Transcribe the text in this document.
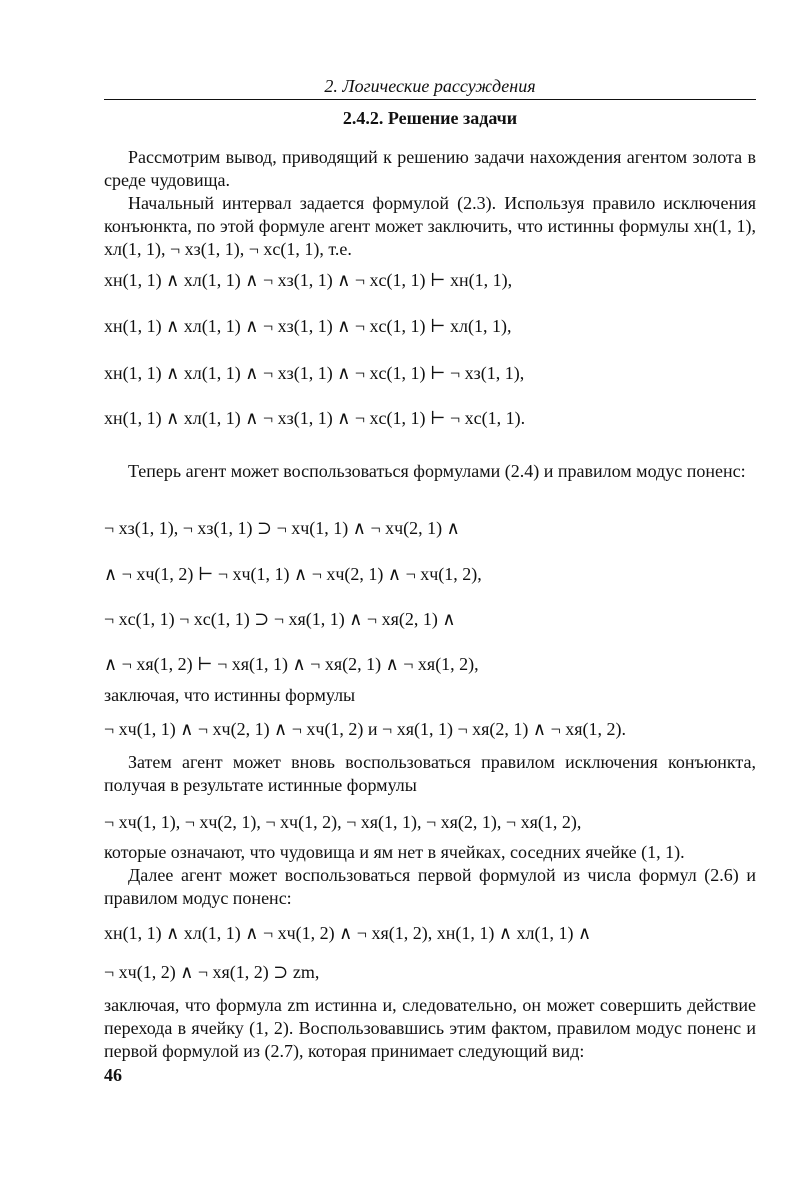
2. Логические рассуждения
2.4.2. Решение задачи
Рассмотрим вывод, приводящий к решению задачи нахождения агентом золота в среде чудовища.
Начальный интервал задается формулой (2.3). Используя правило исключения конъюнкта, по этой формуле агент может заключить, что истинны формулы xн(1, 1), xл(1, 1), ¬ xз(1, 1), ¬ xс(1, 1), т.е.
xн(1, 1) ∧ xл(1, 1) ∧ ¬ xз(1, 1) ∧ ¬ xс(1, 1) ⊢ xн(1, 1),
xн(1, 1) ∧ xл(1, 1) ∧ ¬ xз(1, 1) ∧ ¬ xс(1, 1) ⊢ xл(1, 1),
xн(1, 1) ∧ xл(1, 1) ∧ ¬ xз(1, 1) ∧ ¬ xс(1, 1) ⊢ ¬ xз(1, 1),
xн(1, 1) ∧ xл(1, 1) ∧ ¬ xз(1, 1) ∧ ¬ xс(1, 1) ⊢ ¬ xс(1, 1).
Теперь агент может воспользоваться формулами (2.4) и правилом модус поненс:
¬ xз(1, 1), ¬ xз(1, 1) ⊃ ¬ xч(1, 1) ∧ ¬ xч(2, 1) ∧
∧ ¬ xч(1, 2) ⊢ ¬ xч(1, 1) ∧ ¬ xч(2, 1) ∧ ¬ xч(1, 2),
¬ xс(1, 1) ¬ xс(1, 1) ⊃ ¬ xя(1, 1) ∧ ¬ xя(2, 1) ∧
∧ ¬ xя(1, 2) ⊢ ¬ xя(1, 1) ∧ ¬ xя(2, 1) ∧ ¬ xя(1, 2),
заключая, что истинны формулы
¬ xч(1, 1) ∧ ¬ xч(2, 1) ∧ ¬ xч(1, 2) и ¬ xя(1, 1) ¬ xя(2, 1) ∧ ¬ xя(1, 2).
Затем агент может вновь воспользоваться правилом исключения конъюнкта, получая в результате истинные формулы
¬ xч(1, 1), ¬ xч(2, 1), ¬ xч(1, 2), ¬ xя(1, 1), ¬ xя(2, 1), ¬ xя(1, 2),
которые означают, что чудовища и ям нет в ячейках, соседних ячейке (1, 1).
Далее агент может воспользоваться первой формулой из числа формул (2.6) и правилом модус поненс:
xн(1, 1) ∧ xл(1, 1) ∧ ¬ xч(1, 2) ∧ ¬ xя(1, 2), xн(1, 1) ∧ xл(1, 1) ∧
¬ xч(1, 2) ∧ ¬ xя(1, 2) ⊃ zm,
заключая, что формула zm истинна и, следовательно, он может совершить действие перехода в ячейку (1, 2). Воспользовавшись этим фактом, правилом модус поненс и первой формулой из (2.7), которая принимает следующий вид:
46
